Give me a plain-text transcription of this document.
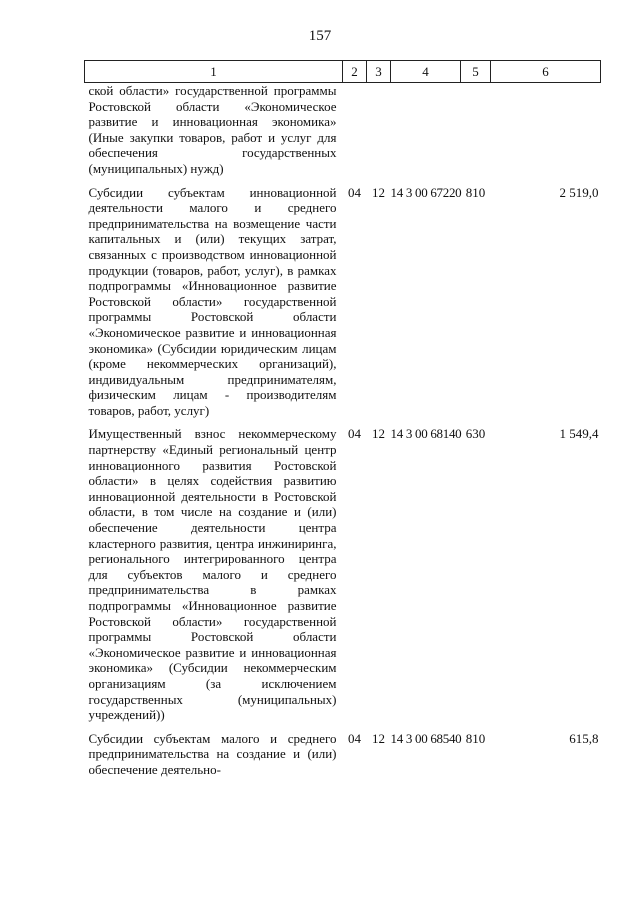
157
1	2	3	4	5	6
ской области» государственной программы Ростовской области «Экономическое развитие и инновационная экономика» (Иные закупки товаров, работ и услуг для обеспечения государственных (муниципальных) нужд)					
Субсидии субъектам инновационной деятельности малого и среднего предпринимательства на возмещение части капитальных и (или) текущих затрат, связанных с производством инновационной продукции (товаров, работ, услуг), в рамках подпрограммы «Инновационное развитие Ростовской области» государственной программы Ростовской области «Экономическое развитие и инновационная экономика» (Субсидии юридическим лицам (кроме некоммерческих организаций), индивидуальным предпринимателям, физическим лицам - производителям товаров, работ, услуг)	04	12	14 3 00 67220	810	2 519,0
Имущественный взнос некоммерческому партнерству «Единый региональный центр инновационного развития Ростовской области» в целях содействия развитию инновационной деятельности в Ростовской области, в том числе на создание и (или) обеспечение деятельности центра кластерного развития, центра инжиниринга, регионального интегрированного центра для субъектов малого и среднего предпринимательства в рамках подпрограммы «Инновационное развитие Ростовской области» государственной программы Ростовской области «Экономическое развитие и инновационная экономика» (Субсидии некоммерческим организациям (за исключением государственных (муниципальных) учреждений))	04	12	14 3 00 68140	630	1 549,4
Субсидии субъектам малого и среднего предпринимательства на создание и (или) обеспечение деятельно-	04	12	14 3 00 68540	810	615,8
